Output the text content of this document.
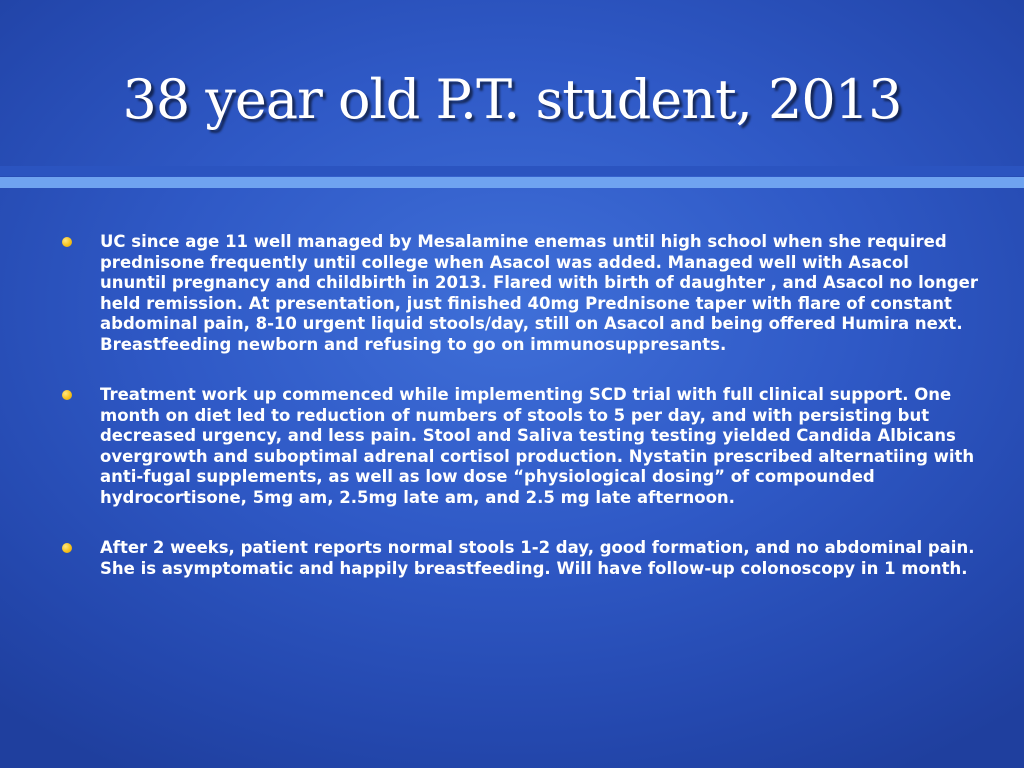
38 year old P.T. student, 2013
UC since age 11 well managed by Mesalamine enemas until high school when she required prednisone frequently until college when Asacol was added. Managed well with Asacol ununtil pregnancy and childbirth in 2013. Flared with birth of daughter , and Asacol no longer held remission. At presentation, just finished 40mg Prednisone taper with flare of constant abdominal pain, 8-10 urgent liquid stools/day, still on Asacol and being offered Humira next. Breastfeeding newborn and refusing to go on immunosuppresants.
Treatment work up commenced while implementing SCD trial with full clinical support. One month on diet led to reduction of numbers of stools to 5 per day, and with persisting but decreased urgency, and less pain. Stool and Saliva testing testing yielded Candida Albicans overgrowth and suboptimal adrenal cortisol production. Nystatin prescribed alternatiing with anti-fugal supplements, as well as low dose “physiological dosing” of compounded hydrocortisone, 5mg am, 2.5mg late am, and 2.5 mg late afternoon.
After 2 weeks, patient reports normal stools 1-2 day, good formation, and no abdominal pain. She is asymptomatic and happily breastfeeding. Will have follow-up colonoscopy in 1 month.
